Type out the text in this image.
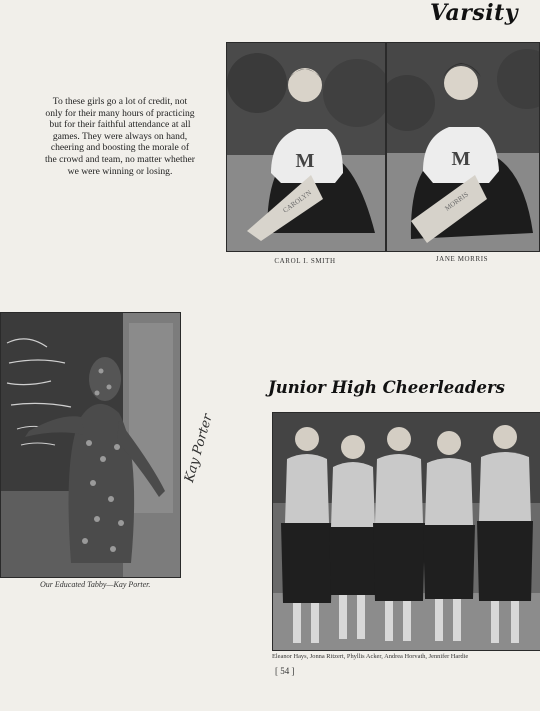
Varsity
To these girls go a lot of credit, not only for their many hours of practicing but for their faithful attendance at all games. They were always on hand, cheering and boosting the morale of the crowd and team, no matter whether we were winning or losing.	M
CAROLYN
CAROL I. SMITH
M
MORRIS
JANE MORRIS
Our Educated Tabby—Kay Porter.
Kay Porter
Junior High Cheerleaders
Eleanor Hays, Jonna Ritzert, Phyllis Acker, Andrea Horvath, Jennifer Hardie
[ 54 ]
